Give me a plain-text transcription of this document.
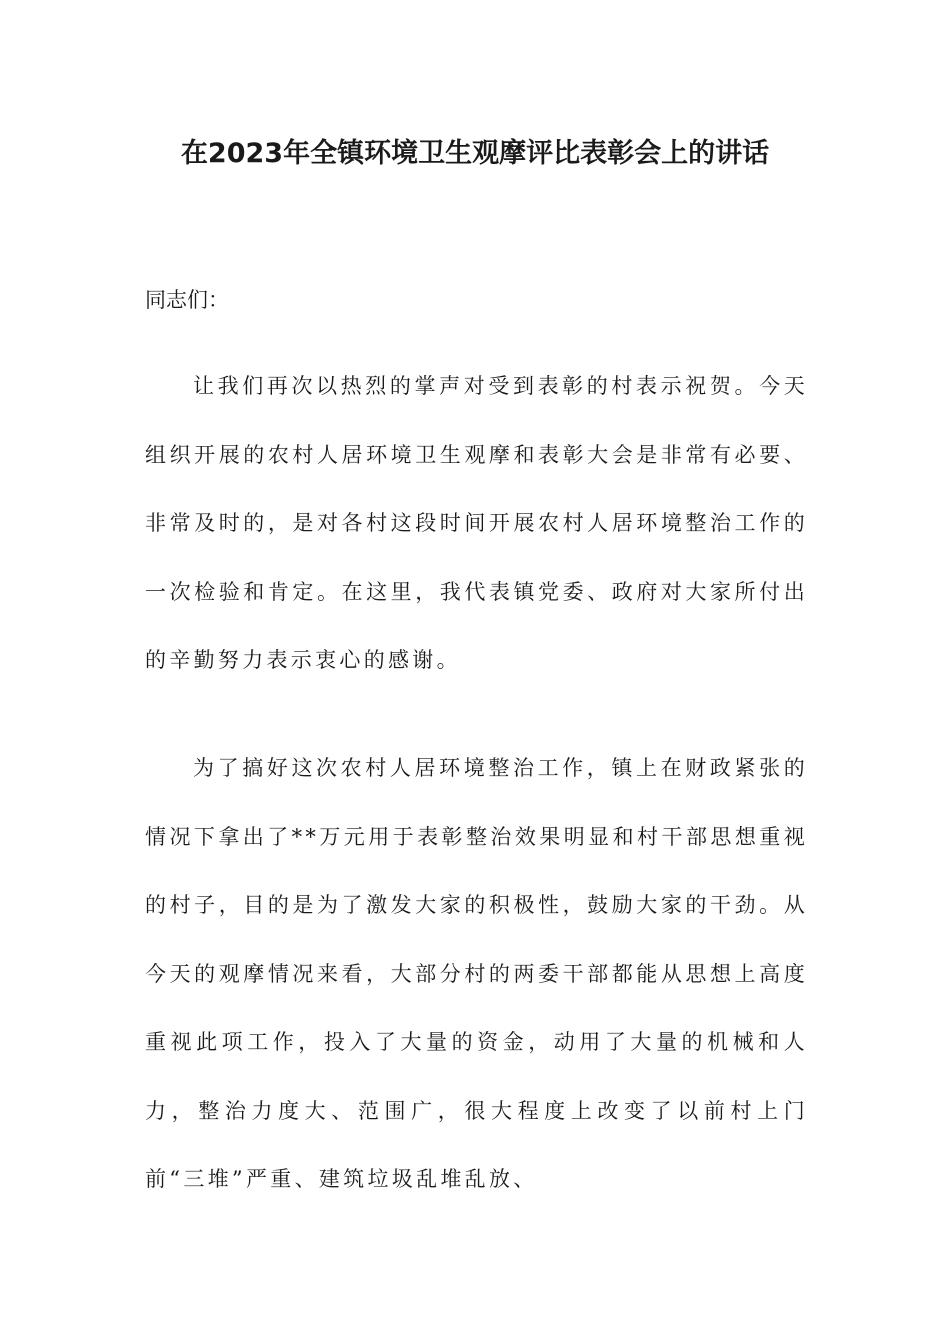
在2023年全镇环境卫生观摩评比表彰会上的讲话
同志们：

让我们再次以热烈的掌声对受到表彰的村表示祝贺。今天组织开展的农村人居环境卫生观摩和表彰大会是非常有必要、非常及时的，是对各村这段时间开展农村人居环境整治工作的一次检验和肯定。在这里，我代表镇党委、政府对大家所付出的辛勤努力表示衷心的感谢。

为了搞好这次农村人居环境整治工作，镇上在财政紧张的情况下拿出了**万元用于表彰整治效果明显和村干部思想重视的村子，目的是为了激发大家的积极性，鼓励大家的干劲。从今天的观摩情况来看，大部分村的两委干部都能从思想上高度重视此项工作，投入了大量的资金，动用了大量的机械和人力，整治力度大、范围广，很大程度上改变了以前村上门前“三堆”严重、建筑垃圾乱堆乱放、
